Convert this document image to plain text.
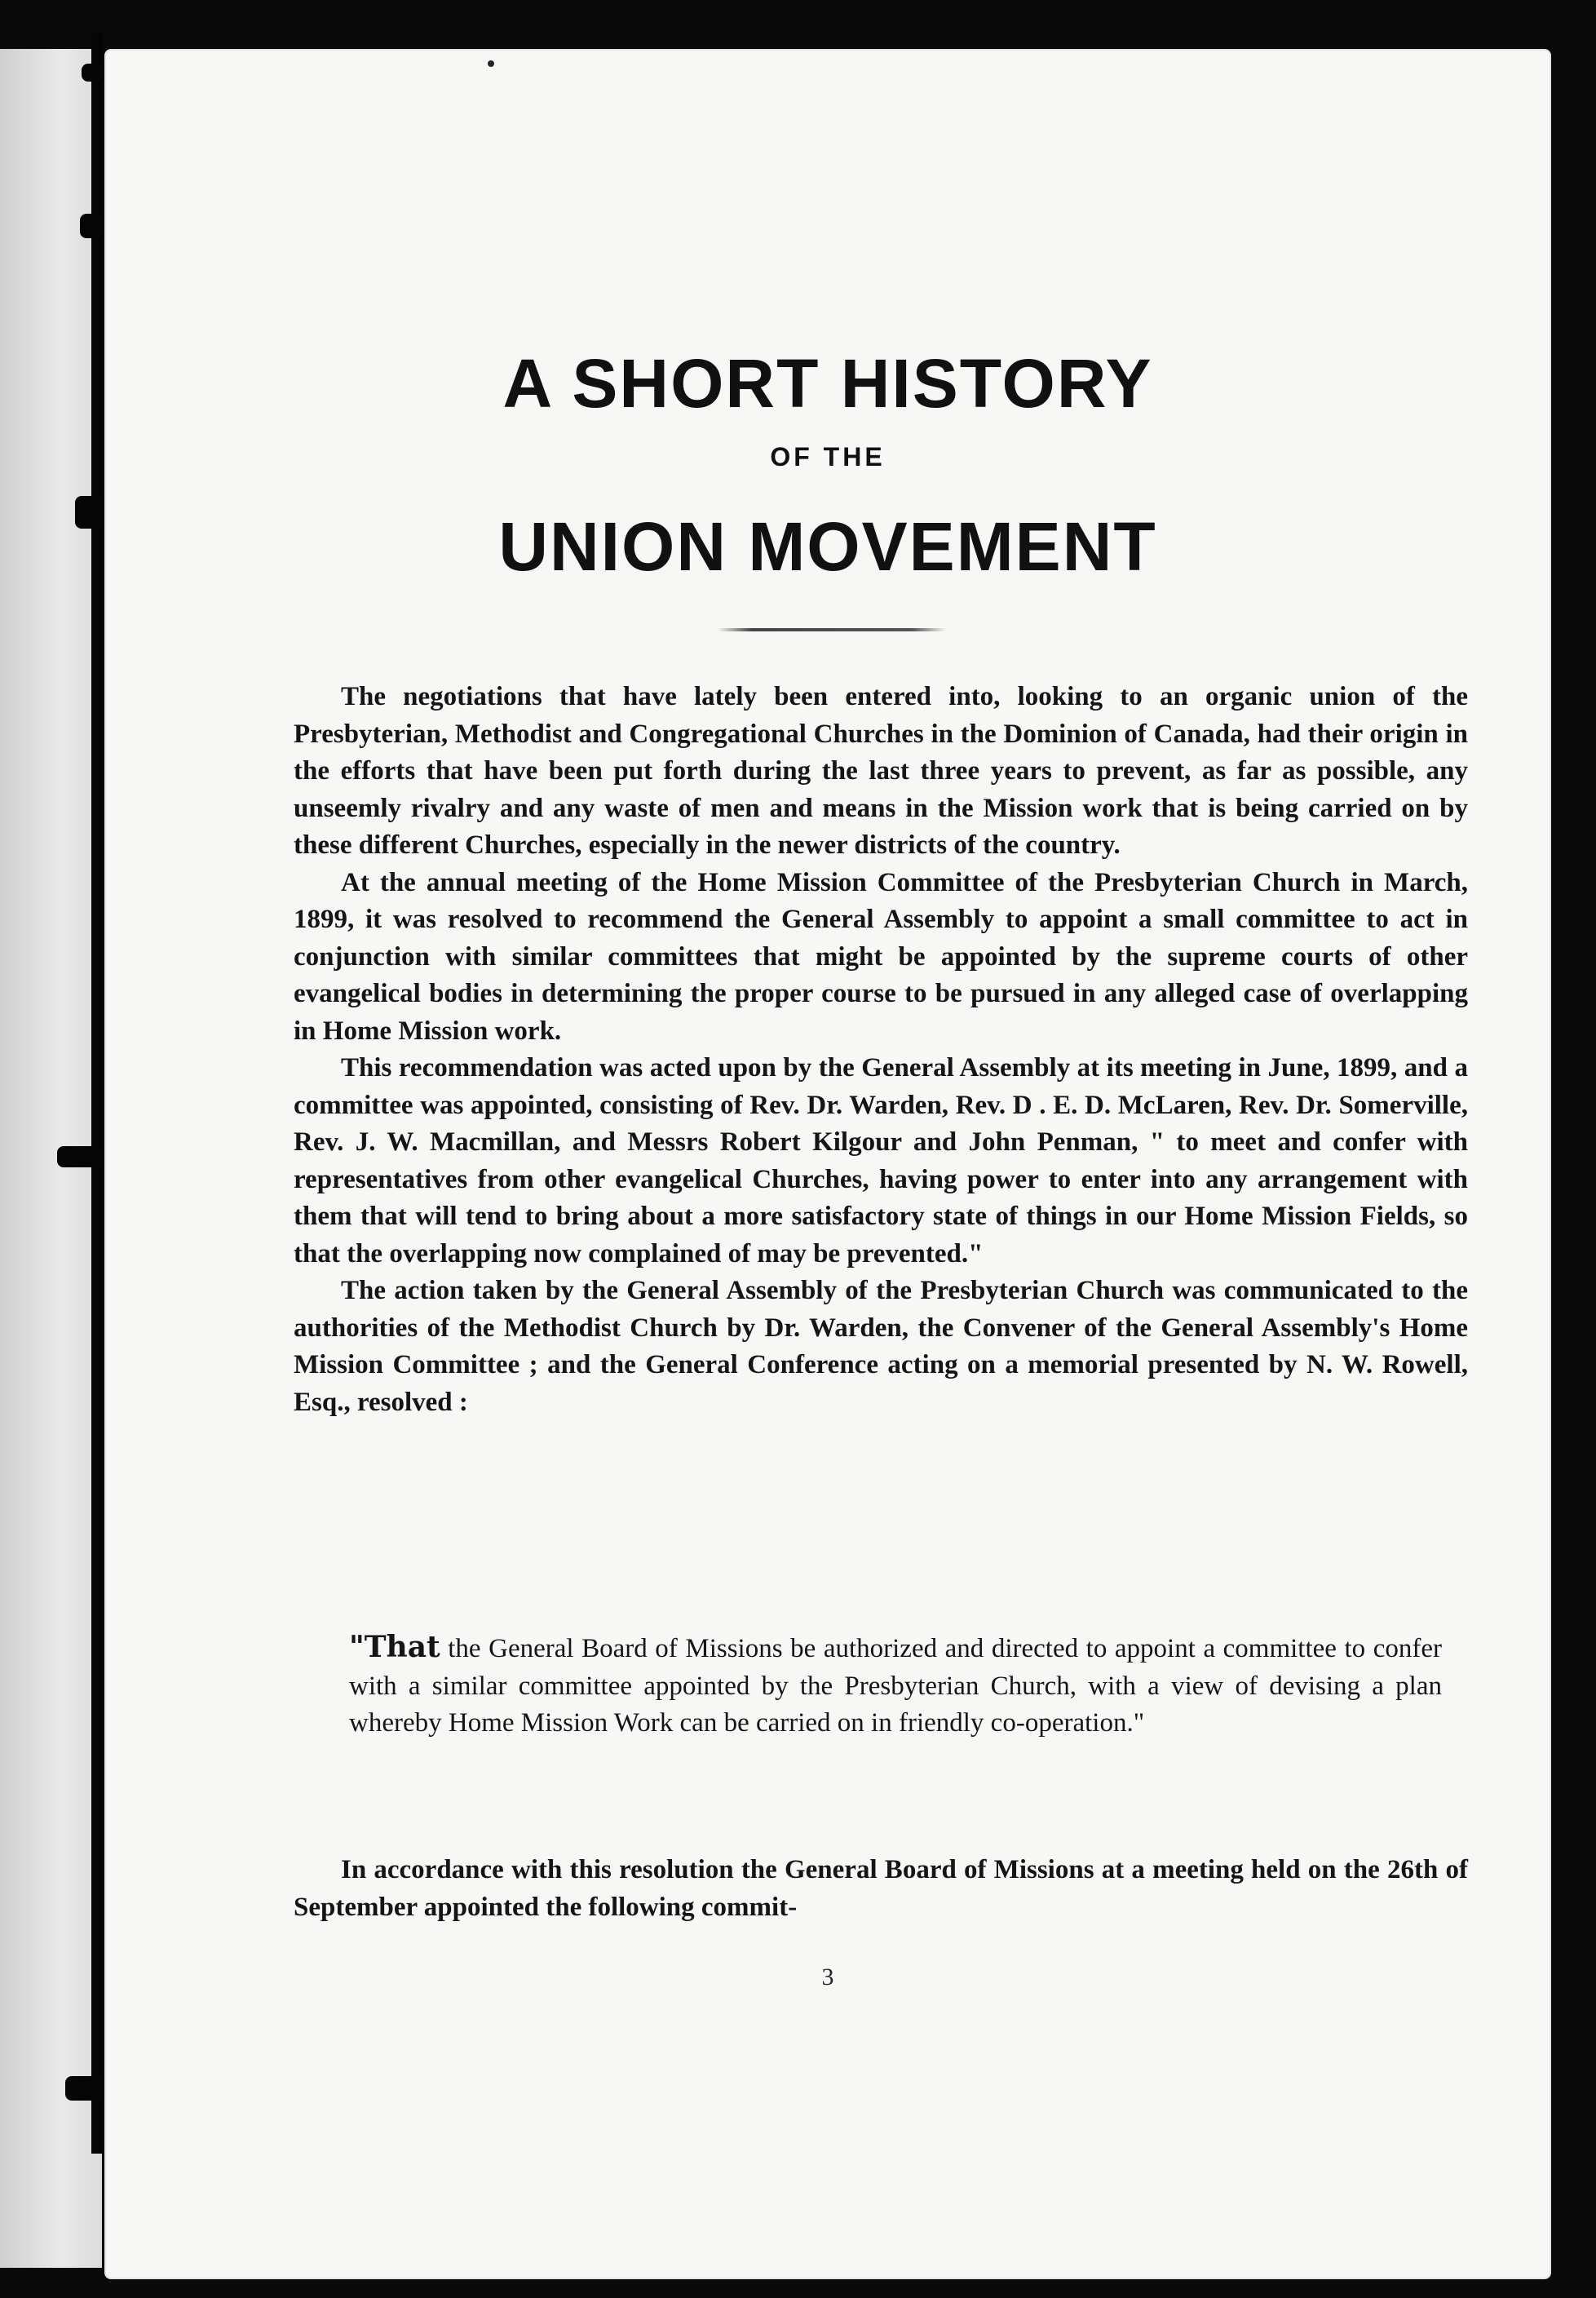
A SHORT HISTORY
OF THE
UNION MOVEMENT

The negotiations that have lately been entered into, looking to an organic union of the Presbyterian, Methodist and Congregational Churches in the Dominion of Canada, had their origin in the efforts that have been put forth during the last three years to prevent, as far as possible, any unseemly rivalry and any waste of men and means in the Mission work that is being carried on by these different Churches, especially in the newer districts of the country.

At the annual meeting of the Home Mission Committee of the Presbyterian Church in March, 1899, it was resolved to recommend the General Assembly to appoint a small committee to act in conjunction with similar committees that might be appointed by the supreme courts of other evangelical bodies in determining the proper course to be pursued in any alleged case of overlapping in Home Mission work.

This recommendation was acted upon by the General Assembly at its meeting in June, 1899, and a committee was appointed, consisting of Rev. Dr. Warden, Rev. D . E. D. McLaren, Rev. Dr. Somerville, Rev. J. W. Macmillan, and Messrs Robert Kilgour and John Penman, " to meet and confer with representatives from other evangelical Churches, having power to enter into any arrangement with them that will tend to bring about a more satisfactory state of things in our Home Mission Fields, so that the overlapping now complained of may be prevented."

The action taken by the General Assembly of the Presbyterian Church was communicated to the authorities of the Methodist Church by Dr. Warden, the Convener of the General Assembly's Home Mission Committee ; and the General Conference acting on a memorial presented by N. W. Rowell, Esq., resolved :

"That the General Board of Missions be authorized and directed to appoint a committee to confer with a similar committee appointed by the Presbyterian Church, with a view of devising a plan whereby Home Mission Work can be carried on in friendly co-operation."

In accordance with this resolution the General Board of Missions at a meeting held on the 26th of September appointed the following commit-

3
